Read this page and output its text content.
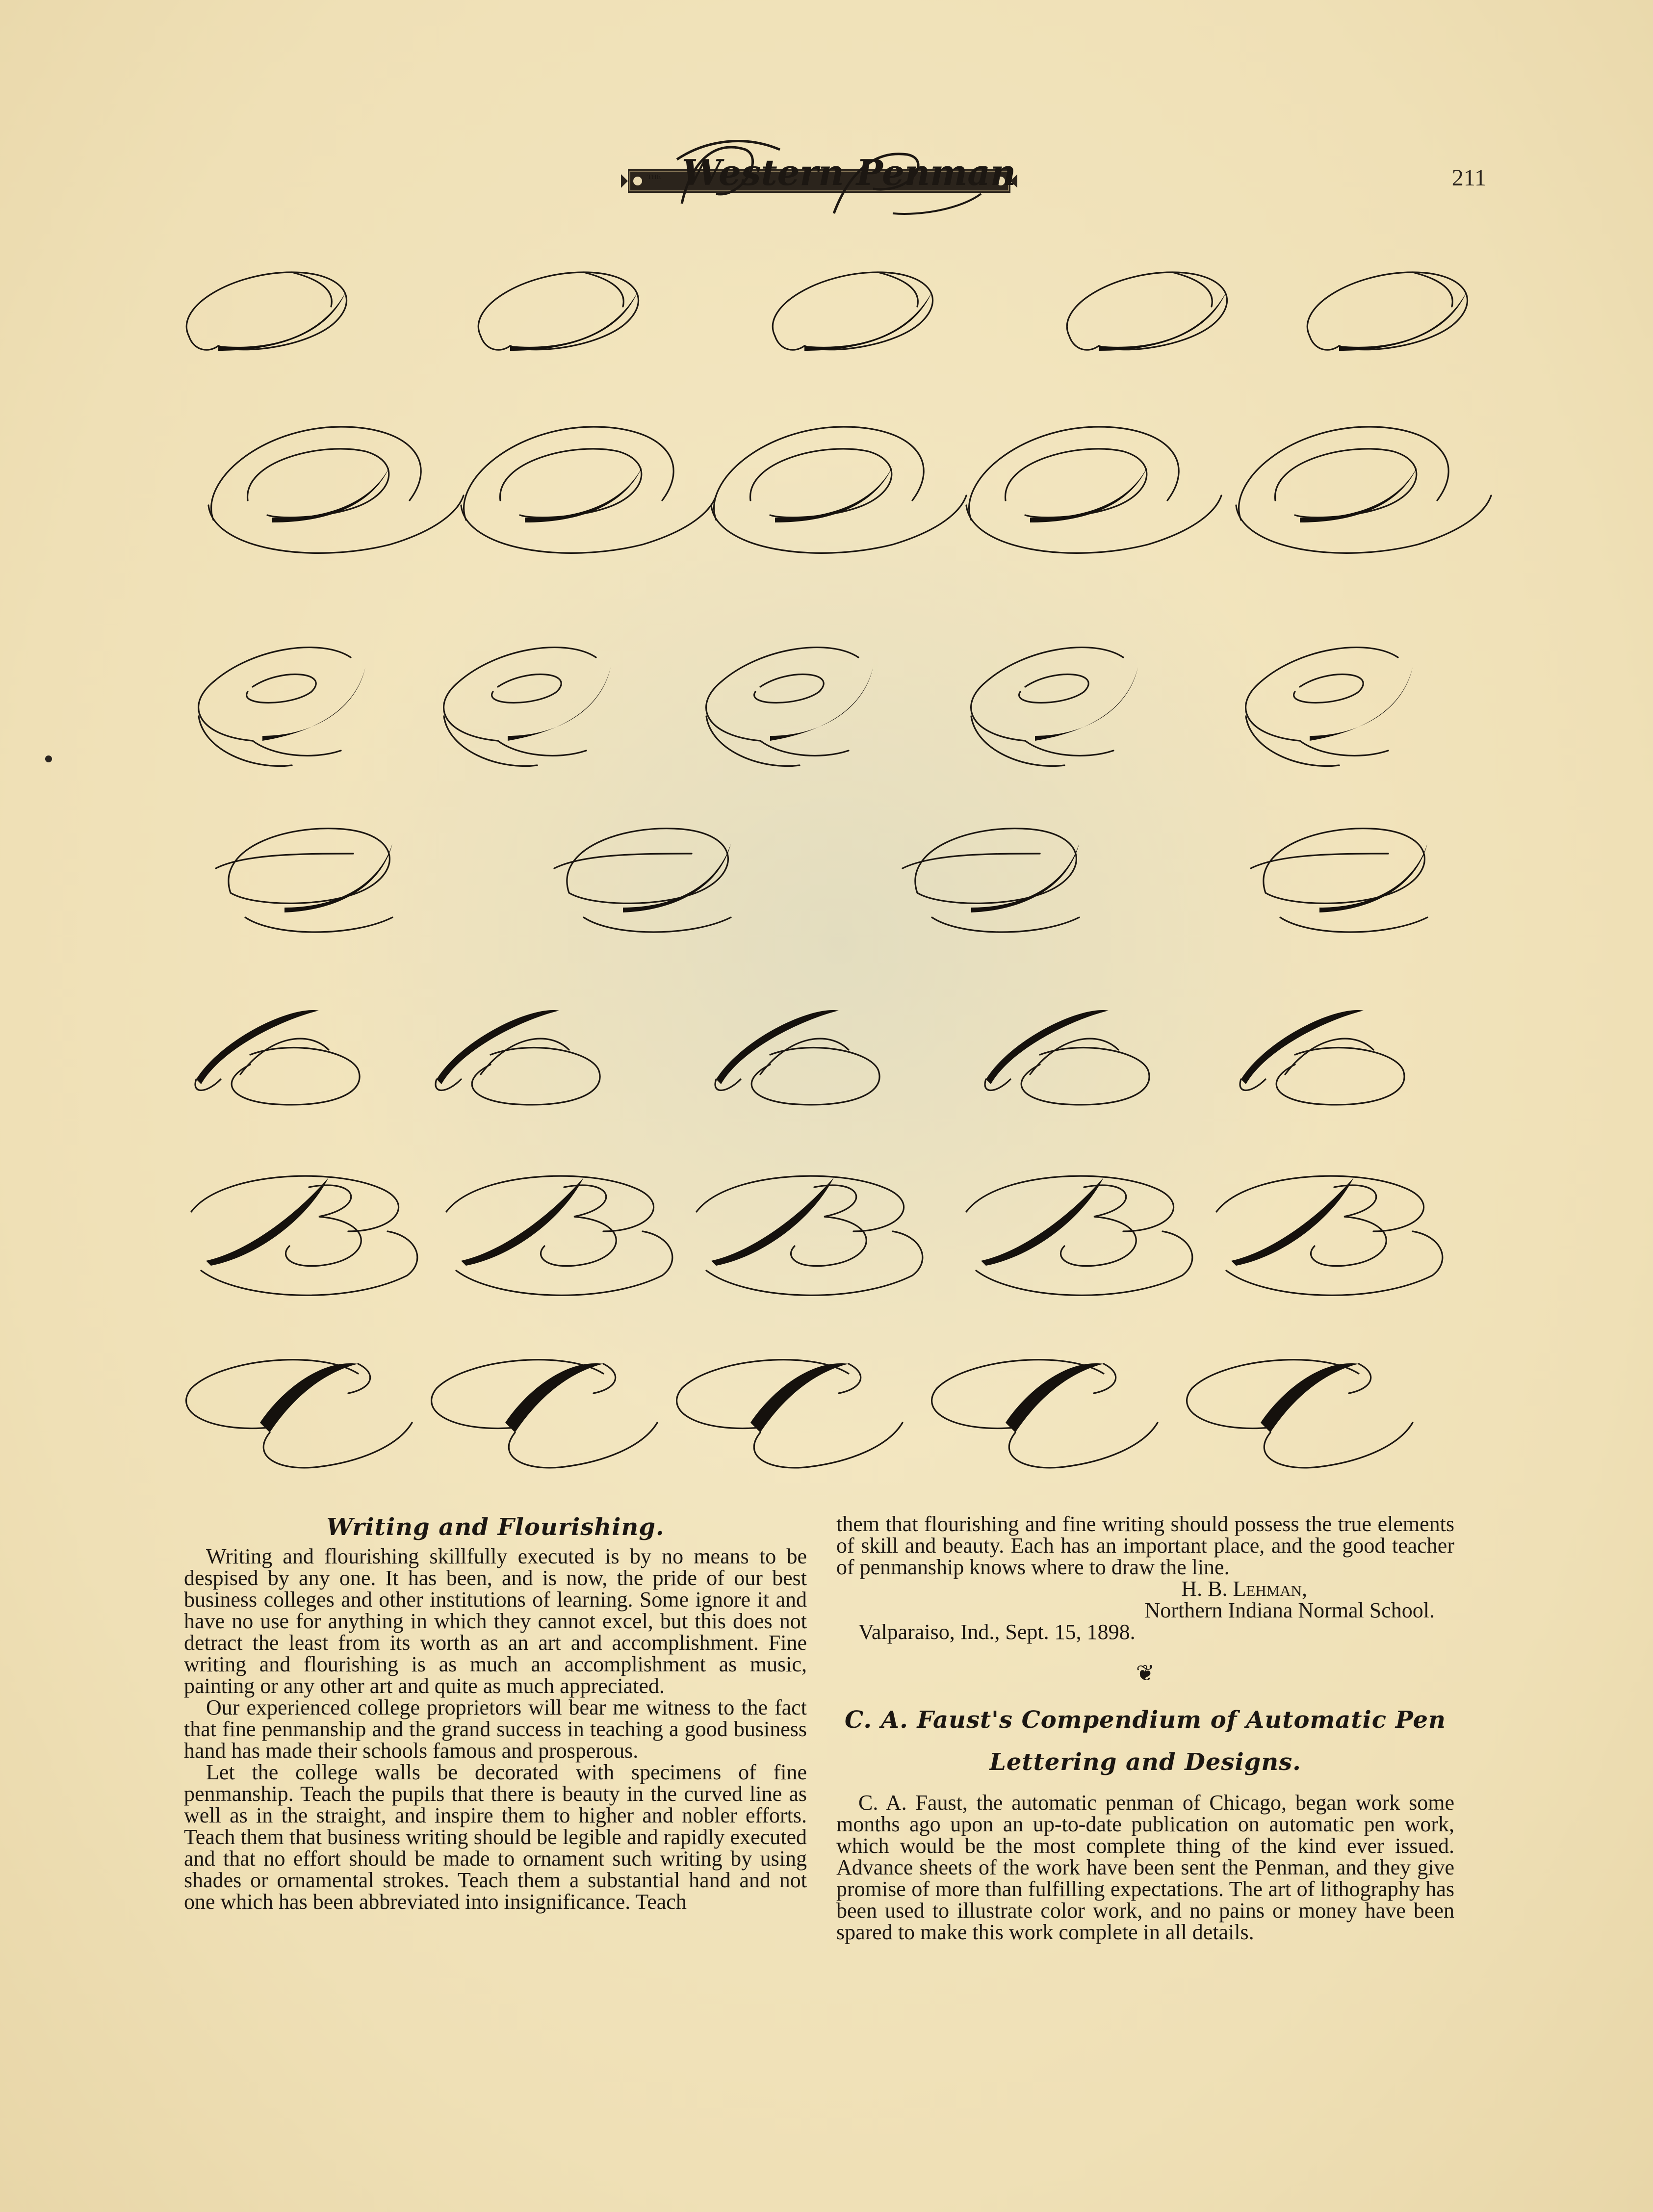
THE Western Penman	211
Writing and Flourishing.

Writing and flourishing skillfully executed is by no means to be despised by any one. It has been, and is now, the pride of our best business colleges and other institutions of learning. Some ignore it and have no use for anything in which they cannot excel, but this does not detract the least from its worth as an art and accomplishment. Fine writing and flourishing is as much an accomplishment as music, painting or any other art and quite as much appreciated.

Our experienced college proprietors will bear me witness to the fact that fine penmanship and the grand success in teaching a good business hand has made their schools famous and prosperous.

Let the college walls be decorated with specimens of fine penmanship. Teach the pupils that there is beauty in the curved line as well as in the straight, and inspire them to higher and nobler efforts. Teach them that business writing should be legible and rapidly executed and that no effort should be made to ornament such writing by using shades or ornamental strokes. Teach them a substantial hand and not one which has been abbreviated into insignificance. Teach

them that flourishing and fine writing should possess the true elements of skill and beauty. Each has an important place, and the good teacher of penmanship knows where to draw the line.

H. B. Lehman,

Northern Indiana Normal School.

Valparaiso, Ind., Sept. 15, 1898.

❦
C. A. Faust's Compendium of Automatic Pen
Lettering and Designs.

C. A. Faust, the automatic penman of Chicago, began work some months ago upon an up-to-date publication on automatic pen work, which would be the most complete thing of the kind ever issued. Advance sheets of the work have been sent the Penman, and they give promise of more than fulfilling expectations. The art of lithography has been used to illustrate color work, and no pains or money have been spared to make this work complete in all details.
